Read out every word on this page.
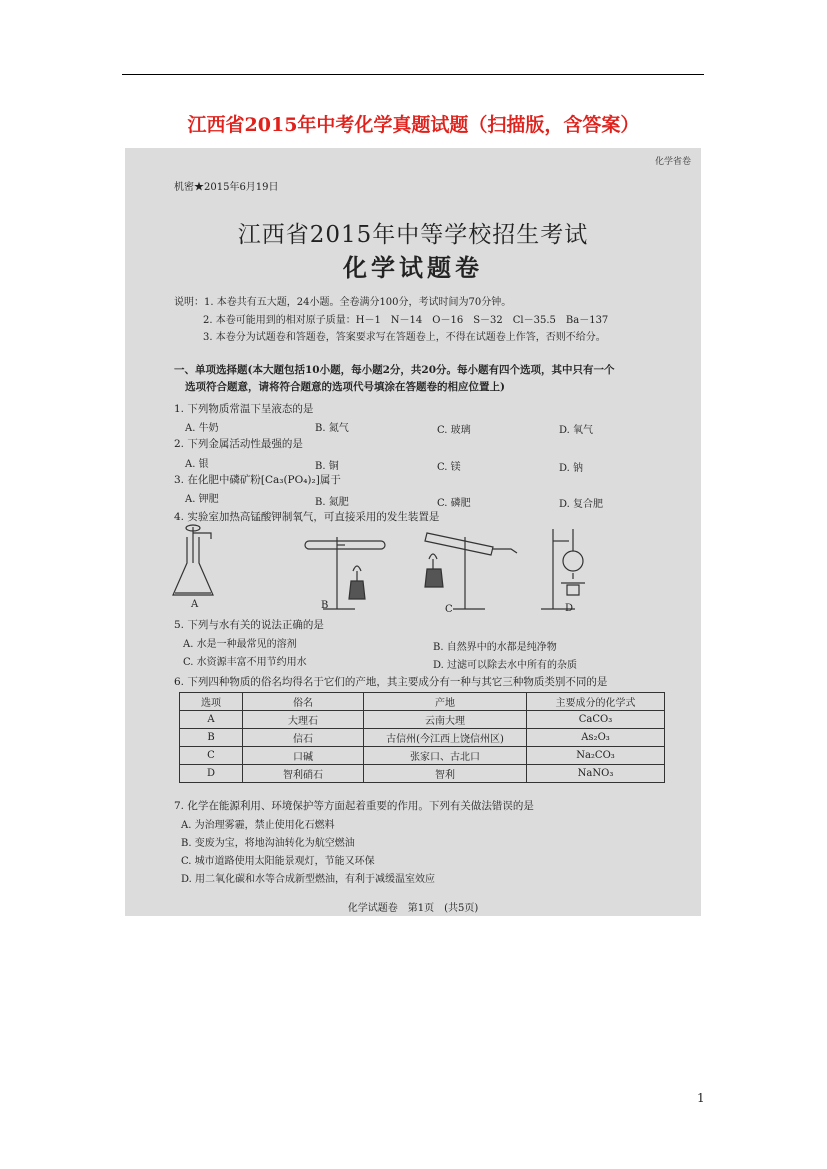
江西省2015年中考化学真题试题（扫描版，含答案）
化学省卷
机密★2015年6月19日
江西省2015年中等学校招生考试
化学试题卷
说明：1. 本卷共有五大题，24小题。全卷满分100分，考试时间为70分钟。
2. 本卷可能用到的相对原子质量：H－1　N－14　O－16　S－32　Cl－35.5　Ba－137
3. 本卷分为试题卷和答题卷，答案要求写在答题卷上，不得在试题卷上作答，否则不给分。
一、单项选择题(本大题包括10小题，每小题2分，共20分。每小题有四个选项，其中只有一个
选项符合题意，请将符合题意的选项代号填涂在答题卷的相应位置上)
1. 下列物质常温下呈液态的是
A. 牛奶	B. 氮气	C. 玻璃	D. 氧气
2. 下列金属活动性最强的是
A. 银	B. 铜	C. 镁	D. 钠
3. 在化肥中磷矿粉[Ca₃(PO₄)₂]属于
A. 钾肥	B. 氮肥	C. 磷肥	D. 复合肥
4. 实验室加热高锰酸钾制氧气，可直接采用的发生装置是
A	B	C	D
5. 下列与水有关的说法正确的是
A. 水是一种最常见的溶剂	B. 自然界中的水都是纯净物
C. 水资源丰富不用节约用水	D. 过滤可以除去水中所有的杂质
6. 下列四种物质的俗名均得名于它们的产地，其主要成分有一种与其它三种物质类别不同的是
选项	俗名	产地	主要成分的化学式
A	大理石	云南大理	CaCO₃
B	信石	古信州(今江西上饶信州区)	As₂O₃
C	口碱	张家口、古北口	Na₂CO₃
D	智利硝石	智利	NaNO₃
7. 化学在能源利用、环境保护等方面起着重要的作用。下列有关做法错误的是
A. 为治理雾霾，禁止使用化石燃料
B. 变废为宝，将地沟油转化为航空燃油
C. 城市道路使用太阳能景观灯，节能又环保
D. 用二氧化碳和水等合成新型燃油，有利于减缓温室效应
化学试题卷　第1页　(共5页)
1
